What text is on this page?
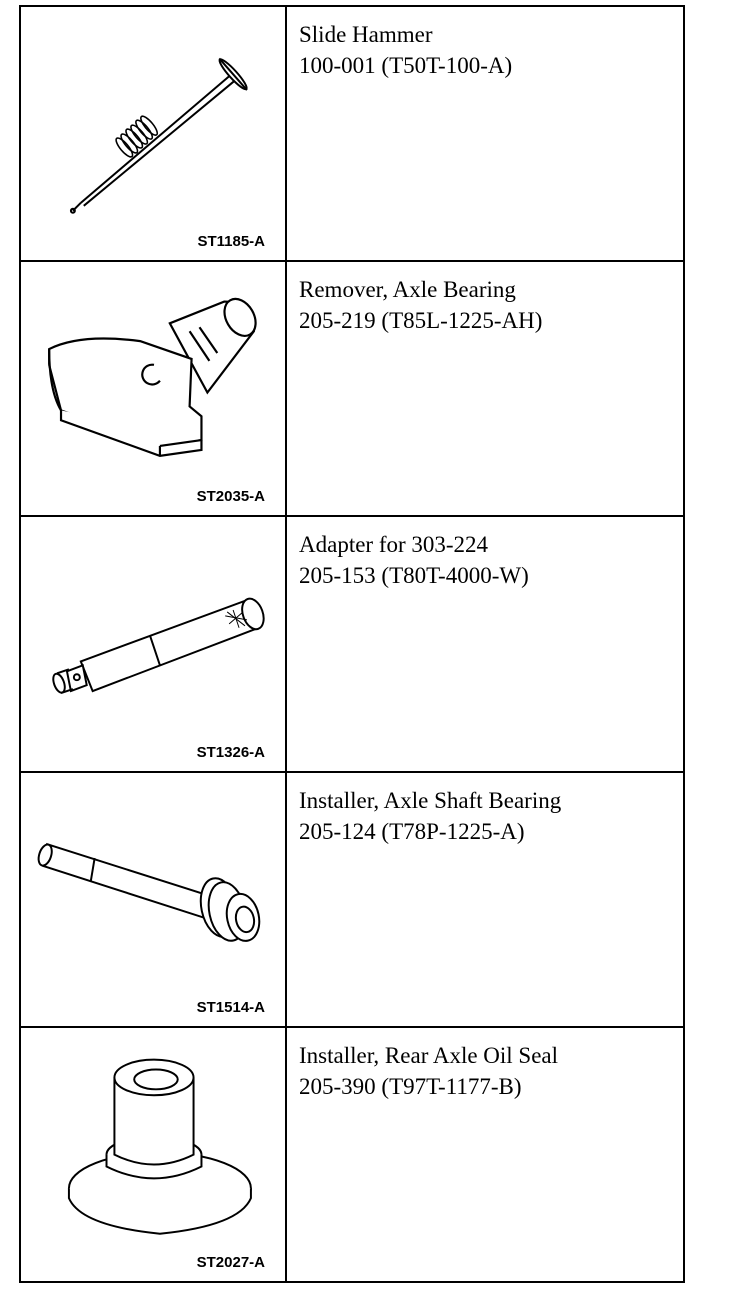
ST1185-A
Slide Hammer
100-001 (T50T-100-A)
ST2035-A
Remover, Axle Bearing
205-219 (T85L-1225-AH)
ST1326-A
Adapter for 303-224
205-153 (T80T-4000-W)
ST1514-A
Installer, Axle Shaft Bearing
205-124 (T78P-1225-A)
ST2027-A
Installer, Rear Axle Oil Seal
205-390 (T97T-1177-B)
